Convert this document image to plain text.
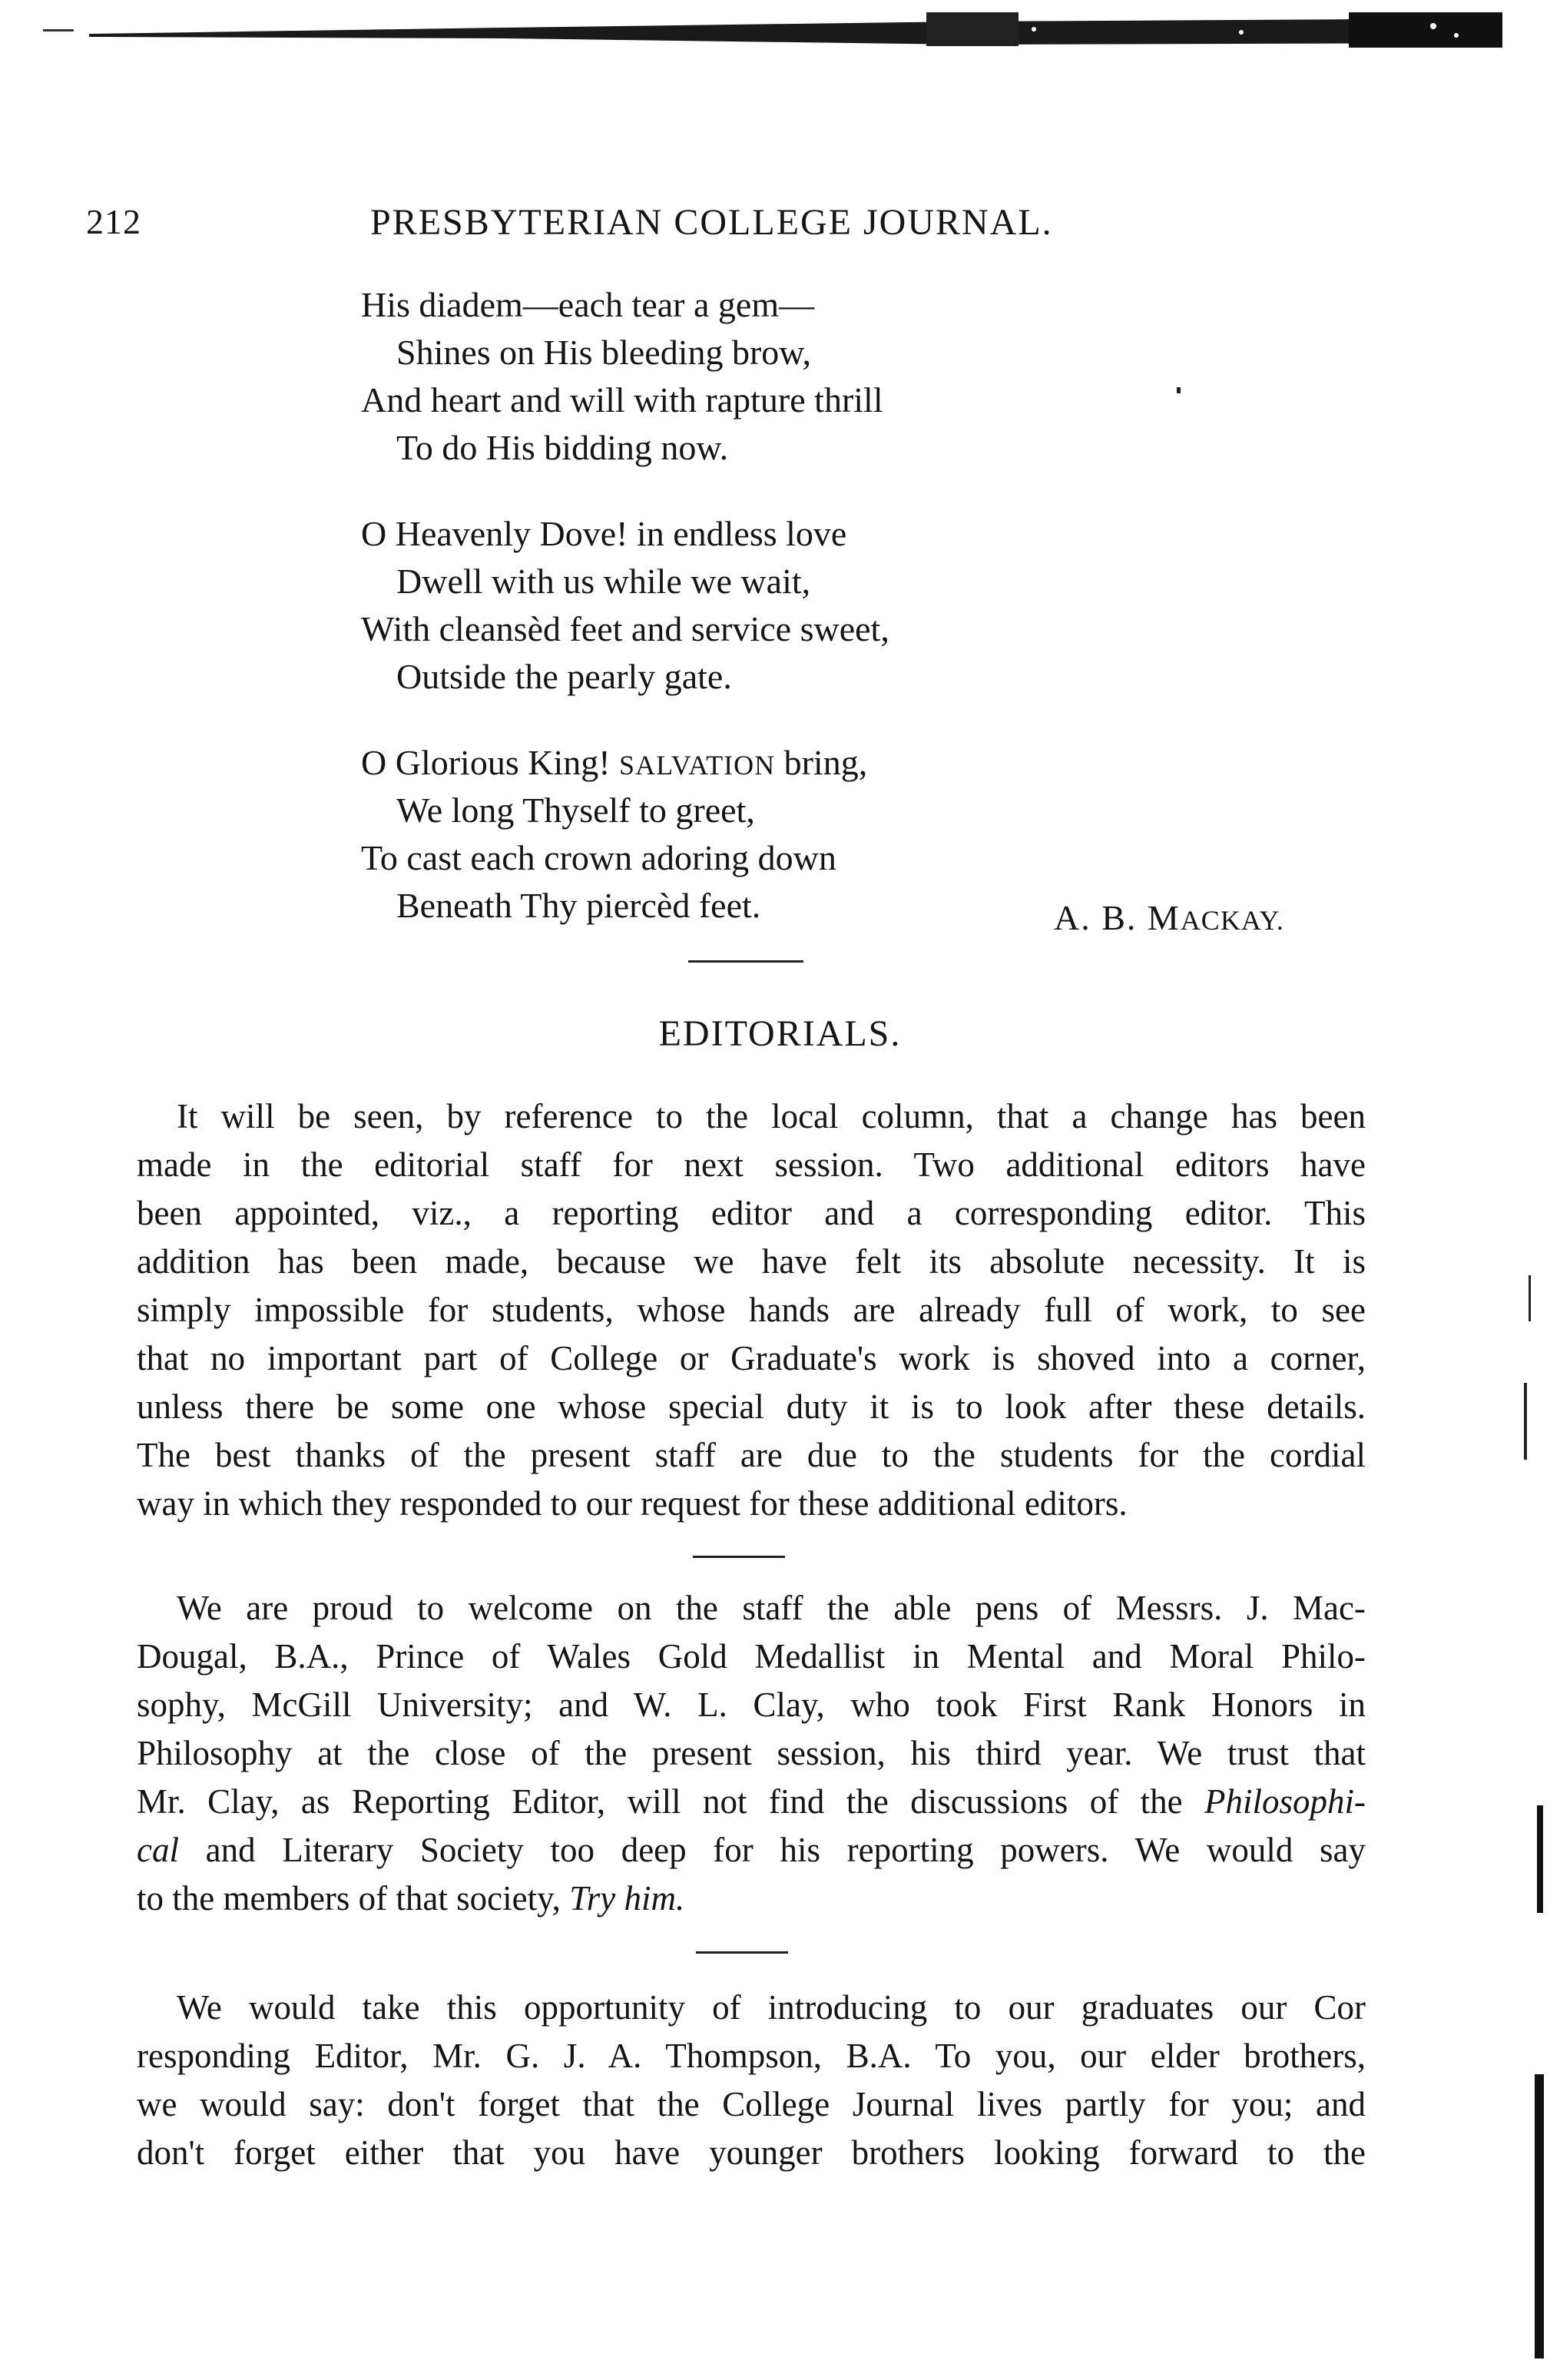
212	PRESBYTERIAN COLLEGE JOURNAL.
His diadem—each tear a gem—
Shines on His bleeding brow,
And heart and will with rapture thrill
To do His bidding now.
O Heavenly Dove! in endless love
Dwell with us while we wait,
With cleansèd feet and service sweet,
Outside the pearly gate.
O Glorious King! SALVATION bring,
We long Thyself to greet,
To cast each crown adoring down
Beneath Thy piercèd feet.	A. B. MACKAY.
EDITORIALS.
It will be seen, by reference to the local column, that a change has been
made in the editorial staff for next session. Two additional editors have
been appointed, viz., a reporting editor and a corresponding editor. This
addition has been made, because we have felt its absolute necessity. It is
simply impossible for students, whose hands are already full of work, to see
that no important part of College or Graduate's work is shoved into a corner,
unless there be some one whose special duty it is to look after these details.
The best thanks of the present staff are due to the students for the cordial
way in which they responded to our request for these additional editors.
We are proud to welcome on the staff the able pens of Messrs. J. Mac-
Dougal, B.A., Prince of Wales Gold Medallist in Mental and Moral Philo-
sophy, McGill University; and W. L. Clay, who took First Rank Honors in
Philosophy at the close of the present session, his third year. We trust that
Mr. Clay, as Reporting Editor, will not find the discussions of the Philosophi-
cal and Literary Society too deep for his reporting powers. We would say
to the members of that society, Try him.
We would take this opportunity of introducing to our graduates our Cor
responding Editor, Mr. G. J. A. Thompson, B.A. To you, our elder brothers,
we would say: don't forget that the College Journal lives partly for you; and
don't forget either that you have younger brothers looking forward to the
